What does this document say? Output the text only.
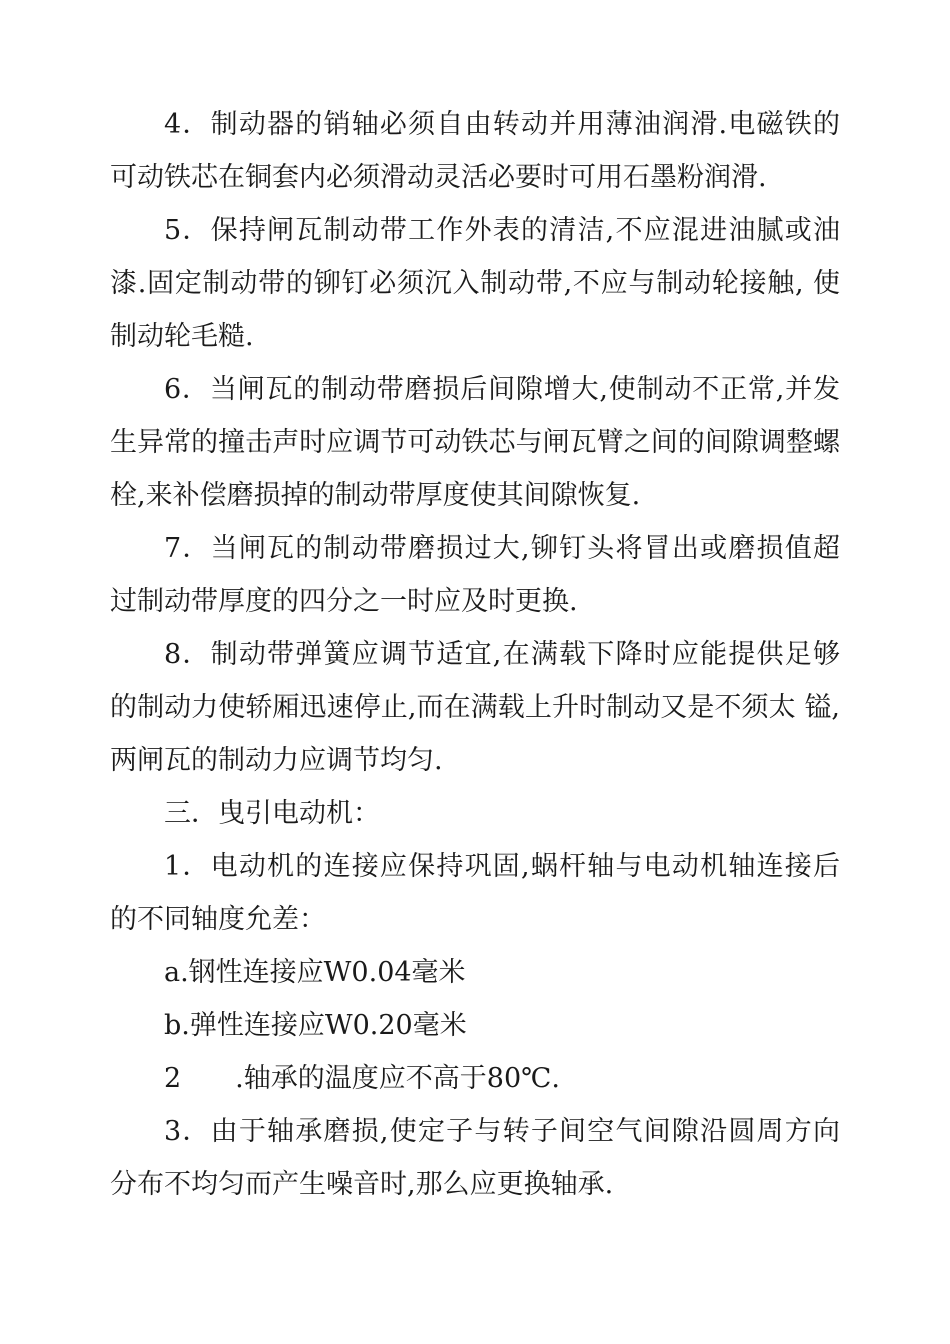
4．制动器的销轴必须自由转动并用薄油润滑.电磁铁的 可动铁芯在铜套内必须滑动灵活必要时可用石墨粉润滑.

5．保持闸瓦制动带工作外表的清洁,不应混进油腻或油 漆.固定制动带的铆钉必须沉入制动带,不应与制动轮接触, 使制动轮毛糙.

6．当闸瓦的制动带磨损后间隙增大,使制动不正常,并发 生异常的撞击声时应调节可动铁芯与闸瓦臂之间的间隙调整螺 栓,来补偿磨损掉的制动带厚度使其间隙恢复.

7．当闸瓦的制动带磨损过大,铆钉头将冒出或磨损值超 过制动带厚度的四分之一时应及时更换.

8．制动带弹簧应调节适宜,在满载下降时应能提供足够 的制动力使轿厢迅速停止,而在满载上升时制动又是不须太 镒,两闸瓦的制动力应调节均匀.

三．曳引电动机：

1．电动机的连接应保持巩固,蜗杆轴与电动机轴连接后 的不同轴度允差：

a.钢性连接应W0.04毫米

b.弹性连接应W0.20毫米

2　　.轴承的温度应不高于80℃.

3．由于轴承磨损,使定子与转子间空气间隙沿圆周方向 分布不均匀而产生噪音时,那么应更换轴承.
